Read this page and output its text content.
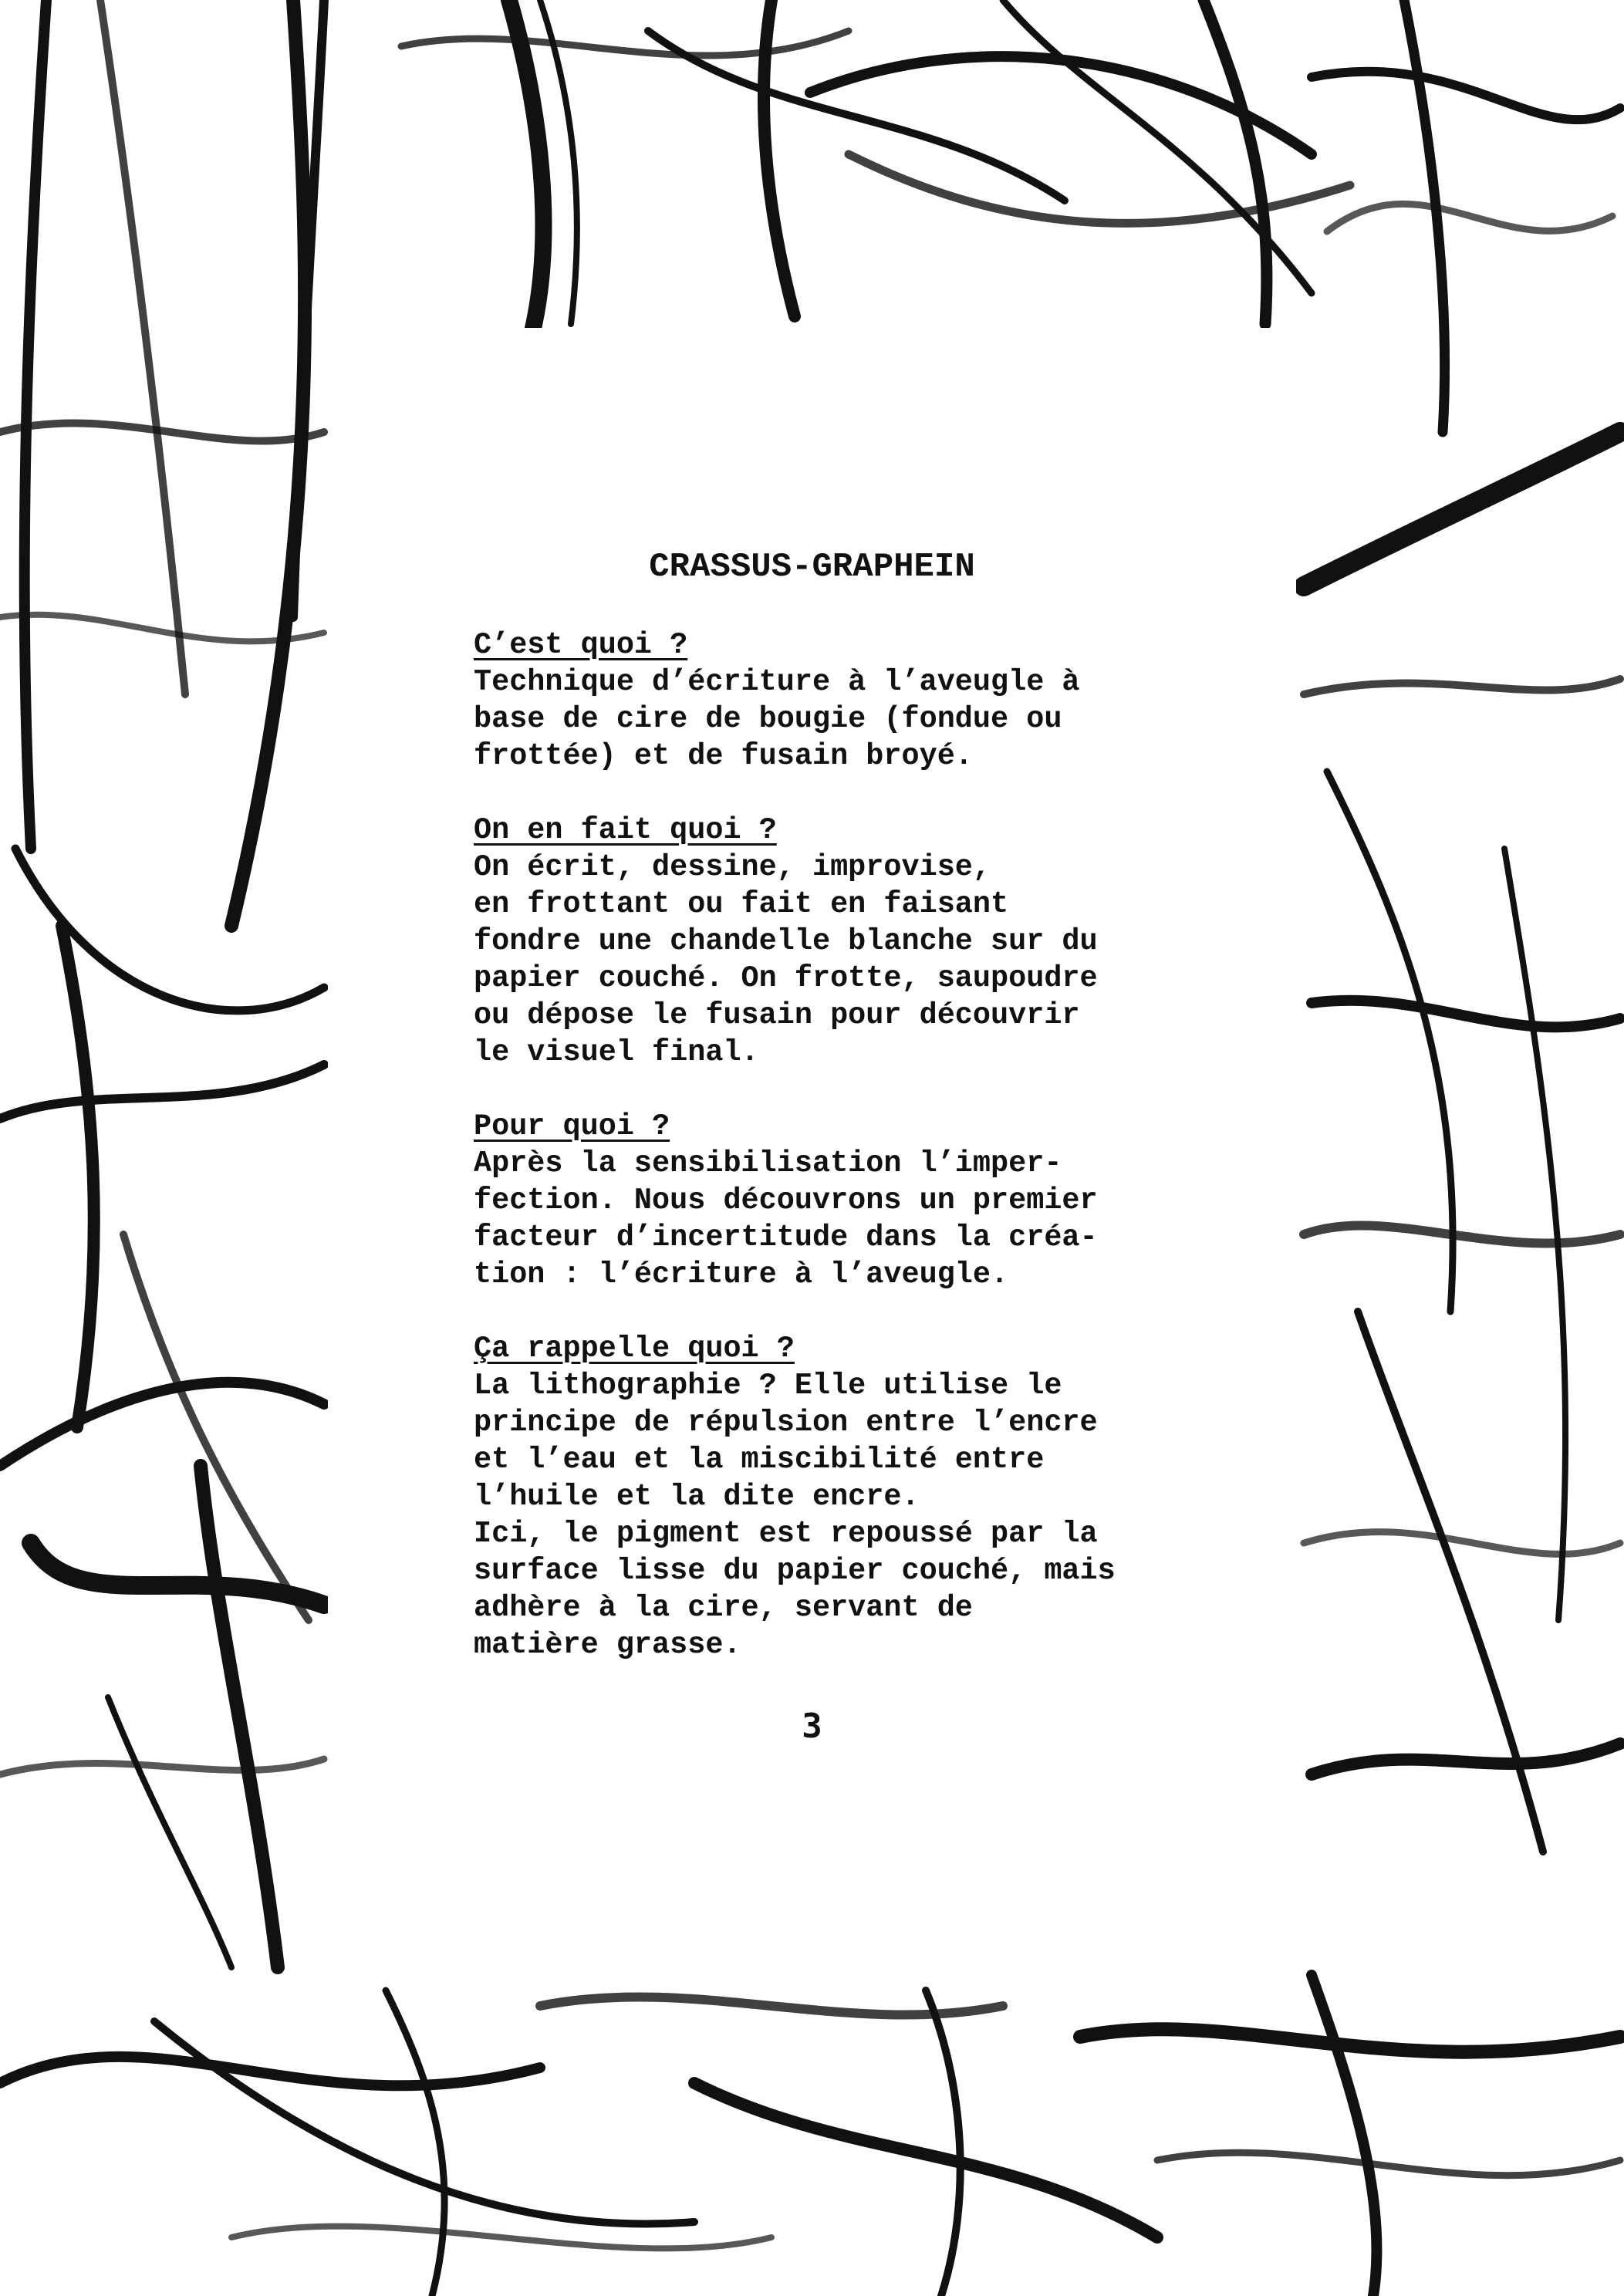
CRASSUS-GRAPHEIN
C’est quoi ?
Technique d’écriture à l’aveugle à
base de cire de bougie (fondue ou
frottée) et de fusain broyé.
On en fait quoi ?
On écrit, dessine, improvise,
en frottant ou fait en faisant
fondre une chandelle blanche sur du
papier couché. On frotte, saupoudre
ou dépose le fusain pour découvrir
le visuel final.
Pour quoi ?
Après la sensibilisation l’imper-
fection. Nous découvrons un premier
facteur d’incertitude dans la créa-
tion : l’écriture à l’aveugle.
Ça rappelle quoi ?
La lithographie ? Elle utilise le
principe de répulsion entre l’encre
et l’eau et la miscibilité entre
l’huile et la dite encre.
Ici, le pigment est repoussé par la
surface lisse du papier couché, mais
adhère à la cire, servant de
matière grasse.
3
